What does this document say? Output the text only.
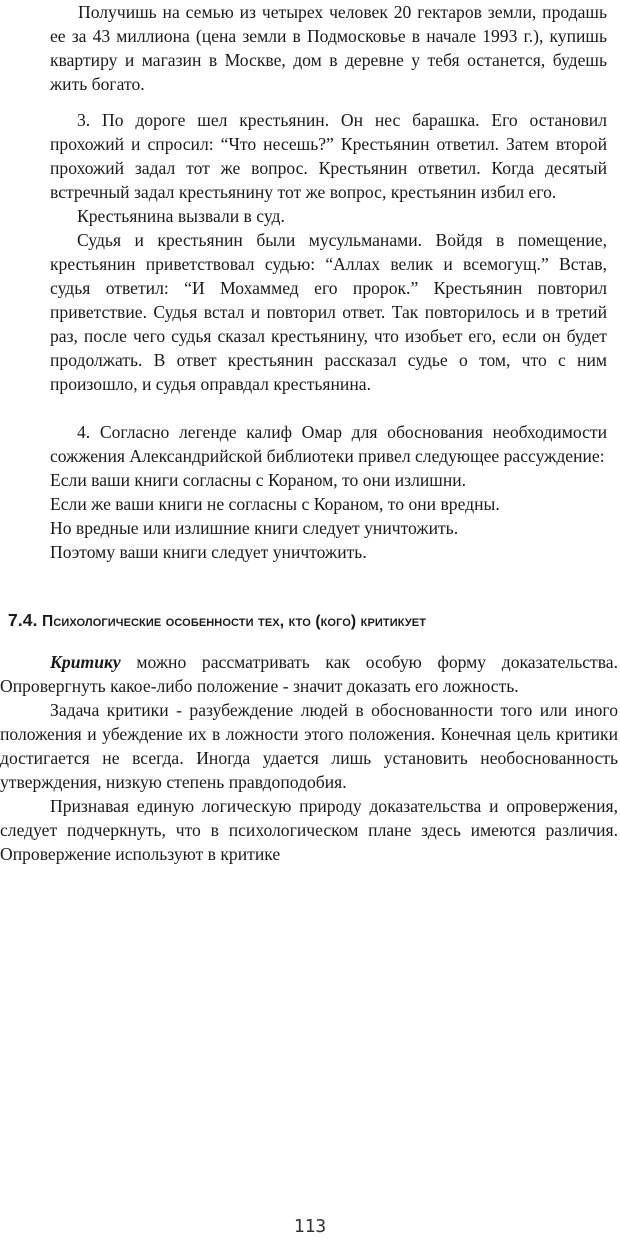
Получишь на семью из четырех человек 20 гектаров земли, продашь ее за 43 миллиона (цена земли в Подмосковье в начале 1993 г.), купишь квартиру и магазин в Москве, дом в деревне у тебя останется, будешь жить богато.

3. По дороге шел крестьянин. Он нес барашка. Его остановил прохожий и спросил: “Что несешь?” Крестьянин ответил. Затем второй прохожий задал тот же вопрос. Крестьянин ответил. Когда десятый встречный задал крестьянину тот же вопрос, крестьянин избил его.

Крестьянина вызвали в суд.

Судья и крестьянин были мусульманами. Войдя в помещение, крестьянин приветствовал судью: “Аллах велик и всемогущ.” Встав, судья ответил: “И Мохаммед его пророк.” Крестьянин повторил приветствие. Судья встал и повторил ответ. Так повторилось и в третий раз, после чего судья сказал крестьянину, что изобьет его, если он будет продолжать. В ответ крестьянин рассказал судье о том, что с ним произошло, и судья оправдал крестьянина.

4. Согласно легенде калиф Омар для обоснования необходимости сожжения Александрийской библиотеки привел следующее рассуждение:

Если ваши книги согласны с Кораном, то они излишни.
Если же ваши книги не согласны с Кораном, то они вредны.
Но вредные или излишние книги следует уничтожить.
Поэтому ваши книги следует уничтожить.
7.4. Психологические особенности тех, кто (кого) критикует

Критику можно рассматривать как особую форму доказательства. Опровергнуть какое-либо положение - значит доказать его ложность.

Задача критики - разубеждение людей в обоснованности того или иного положения и убеждение их в ложности этого положения. Конечная цель критики достигается не всегда. Иногда удается лишь установить необоснованность утверждения, низкую степень правдоподобия.

Признавая единую логическую природу доказательства и опровержения, следует подчеркнуть, что в психологическом плане здесь имеются различия. Опровержение используют в критике

113
